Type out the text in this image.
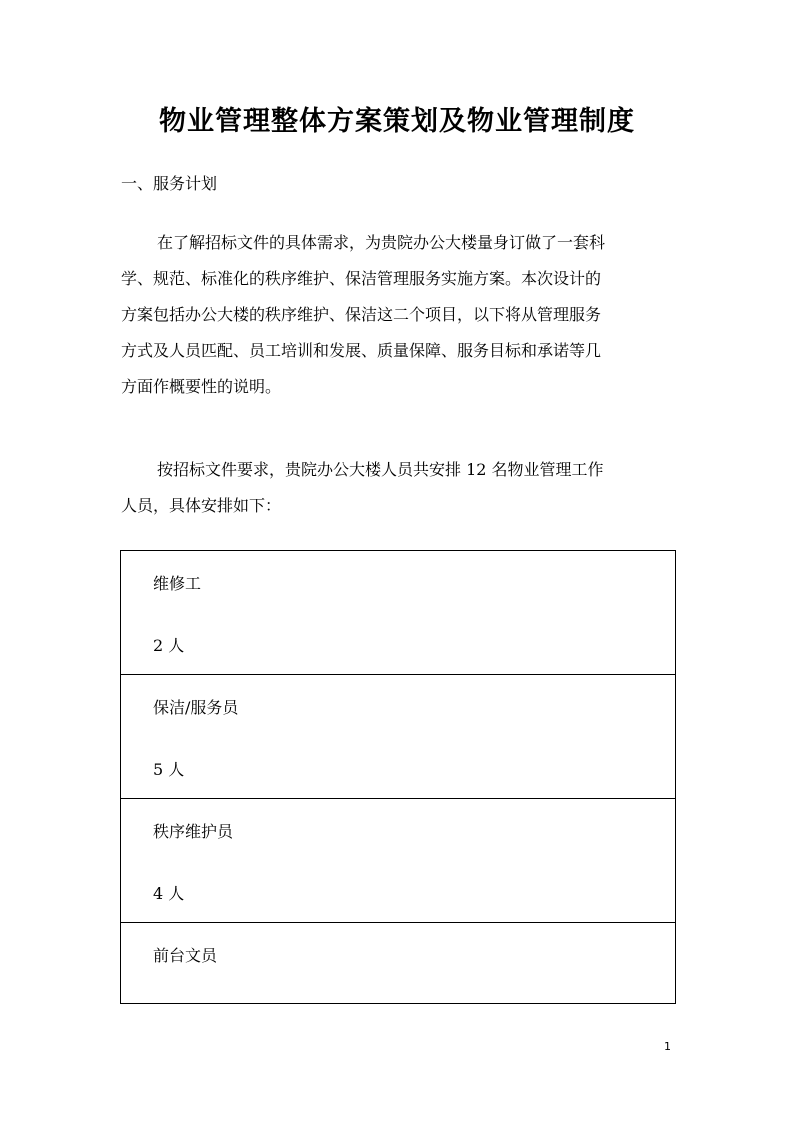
物业管理整体方案策划及物业管理制度
一、服务计划

在了解招标文件的具体需求，为贵院办公大楼量身订做了一套科
学、规范、标准化的秩序维护、保洁管理服务实施方案。本次设计的
方案包括办公大楼的秩序维护、保洁这二个项目，以下将从管理服务
方式及人员匹配、员工培训和发展、质量保障、服务目标和承诺等几
方面作概要性的说明。

按招标文件要求，贵院办公大楼人员共安排 12 名物业管理工作
人员，具体安排如下：

维修工
2 人

保洁/服务员
5 人

秩序维护员
4 人

前台文员
1
